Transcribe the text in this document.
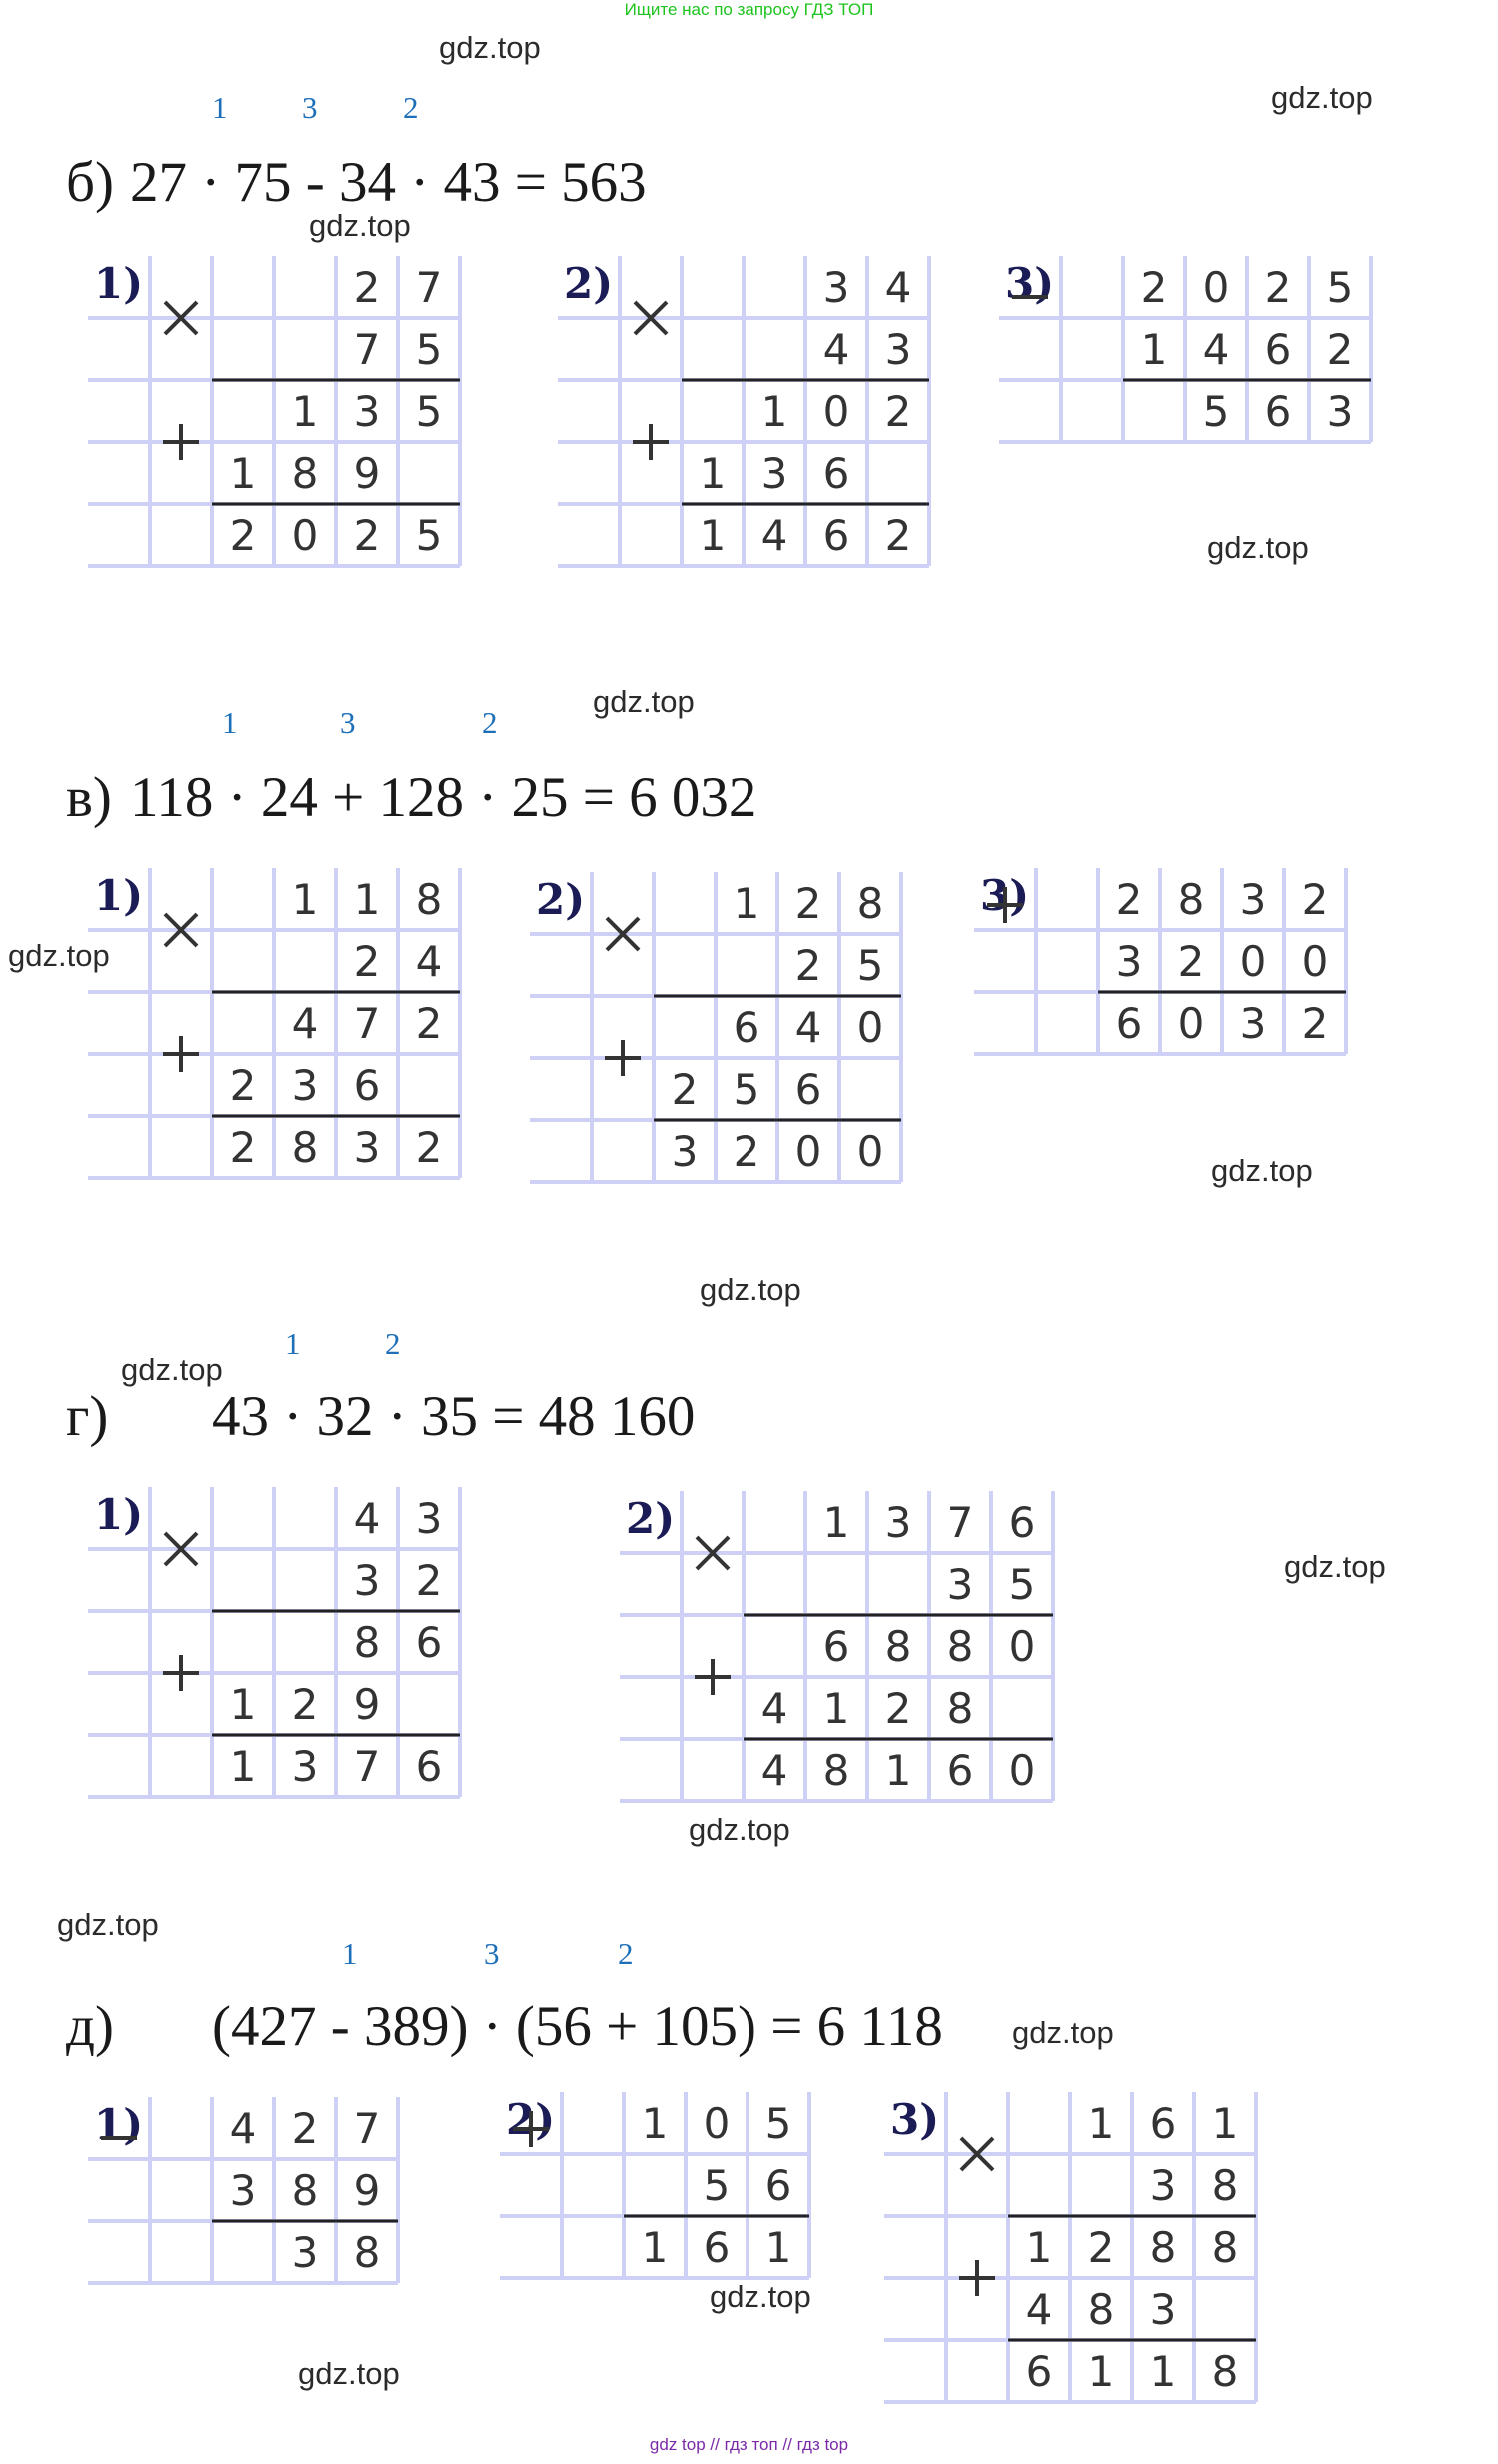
Ищите нас по запросу ГДЗ ТОП
gdz top // гдз топ // гдз top
gdz.top
gdz.top
gdz.top
gdz.top
gdz.top
gdz.top
gdz.top
gdz.top
gdz.top
gdz.top
gdz.top
gdz.top
gdz.top
gdz.top
gdz.top
1 3	2
б) 27 · 75 - 34 · 43 = 563
1)	2 7
7 5
1 3 5
1 8 9
2 0 2 5
2)	3 4
4 3
1 0 2
1 3 6
1 4 6 2
3) 2 0 2 5
1 4 6 2
5 6 3
1	3	2
в) 118 · 24 + 128 · 25 = 6 032
1)	1 1 8
2 4
4 7 2
2 3 6
2 8 3 2
2)	1 2 8
2 5
6 4 0
2 5 6
3 2 0 0
3) 2 8 3 2
3 2 0 0
6 0 3 2
1	2
г) 43 · 32 · 35 = 48 160
1)	4 3
3 2
8 6
1 2 9
1 3 7 6
2)	1 3 7 6
3 5
6 8 8 0
4 1 2 8
4 8 1 6 0
1	3	2
д) (427 - 389) · (56 + 105) = 6 118
1) 4 2 7
3 8 9
3 8
2) 1 0 5
5 6
1 6 1
3)	1 6 1
3 8
1 2 8 8
4 8 3
6 1 1 8
